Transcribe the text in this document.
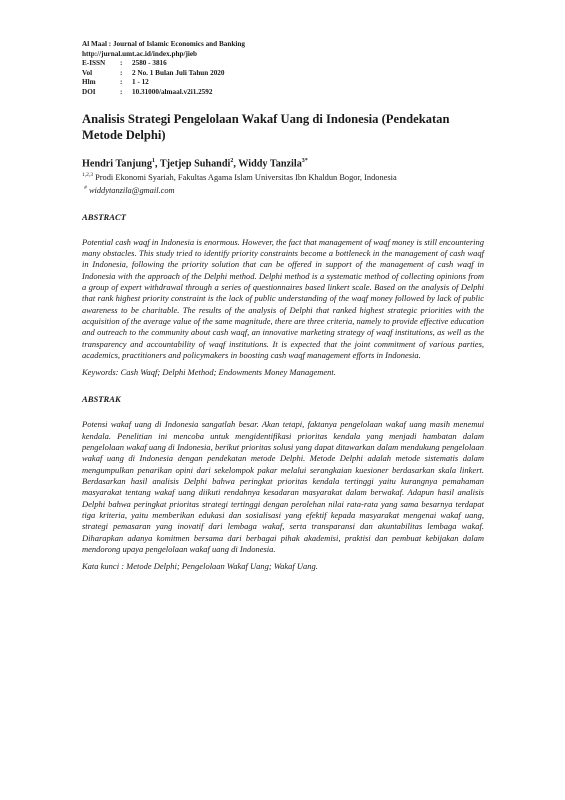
Al Maal : Journal of Islamic Economics and Banking
http://jurnal.umt.ac.id/index.php/jieb
E-ISSN	:	2580 - 3816
Vol	:	2 No. 1 Bulan Juli Tahun 2020
Hlm	:	1 - 12
DOI	:	10.31000/almaal.v2i1.2592
Analisis Strategi Pengelolaan Wakaf Uang di Indonesia (Pendekatan Metode Delphi)
Hendri Tanjung$^1$, Tjetjep Suhandi$^2$, Widdy Tanzila$^{3*}$
$^{1,2,3}$ Prodi Ekonomi Syariah, Fakultas Agama Islam Universitas Ibn Khaldun Bogor, Indonesia
# widdytanzila@gmail.com
ABSTRACT
Potential cash waqf in Indonesia is enormous. However, the fact that management of waqf money is still encountering many obstacles. This study tried to identify priority constraints become a bottleneck in the management of cash waqf in Indonesia, following the priority solution that can be offered in support of the management of cash waqf in Indonesia with the approach of the Delphi method. Delphi method is a systematic method of collecting opinions from a group of expert withdrawal through a series of questionnaires based linkert scale. Based on the analysis of Delphi that rank highest priority constraint is the lack of public understanding of the waqf money followed by lack of public awareness to be charitable. The results of the analysis of Delphi that ranked highest strategic priorities with the acquisition of the average value of the same magnitude, there are three criteria, namely to provide effective education and outreach to the community about cash waqf, an innovative marketing strategy of waqf institutions, as well as the transparency and accountability of waqf institutions. It is expected that the joint commitment of various parties, academics, practitioners and policymakers in boosting cash waqf management efforts in Indonesia.
Keywords: Cash Waqf; Delphi Method; Endowments Money Management.
ABSTRAK
Potensi wakaf uang di Indonesia sangatlah besar. Akan tetapi, faktanya pengelolaan wakaf uang masih menemui kendala. Penelitian ini mencoba untuk mengidentifikasi prioritas kendala yang menjadi hambatan dalam pengelolaan wakaf uang di Indonesia, berikut prioritas solusi yang dapat ditawarkan dalam mendukung pengelolaan wakaf uang di Indonesia dengan pendekatan metode Delphi. Metode Delphi adalah metode sistematis dalam mengumpulkan penarikan opini dari sekelompok pakar melalui serangkaian kuesioner berdasarkan skala linkert. Berdasarkan hasil analisis Delphi bahwa peringkat prioritas kendala tertinggi yaitu kurangnya pemahaman masyarakat tentang wakaf uang diikuti rendahnya kesadaran masyarakat dalam berwakaf. Adapun hasil analisis Delphi bahwa peringkat prioritas strategi tertinggi dengan perolehan nilai rata-rata yang sama besarnya terdapat tiga kriteria, yaitu memberikan edukasi dan sosialisasi yang efektif kepada masyarakat mengenai wakaf uang, strategi pemasaran yang inovatif dari lembaga wakaf, serta transparansi dan akuntabilitas lembaga wakaf. Diharapkan adanya komitmen bersama dari berbagai pihak akademisi, praktisi dan pembuat kebijakan dalam mendorong upaya pengelolaan wakaf uang di Indonesia.
Kata kunci : Metode Delphi; Pengelolaan Wakaf Uang; Wakaf Uang.
